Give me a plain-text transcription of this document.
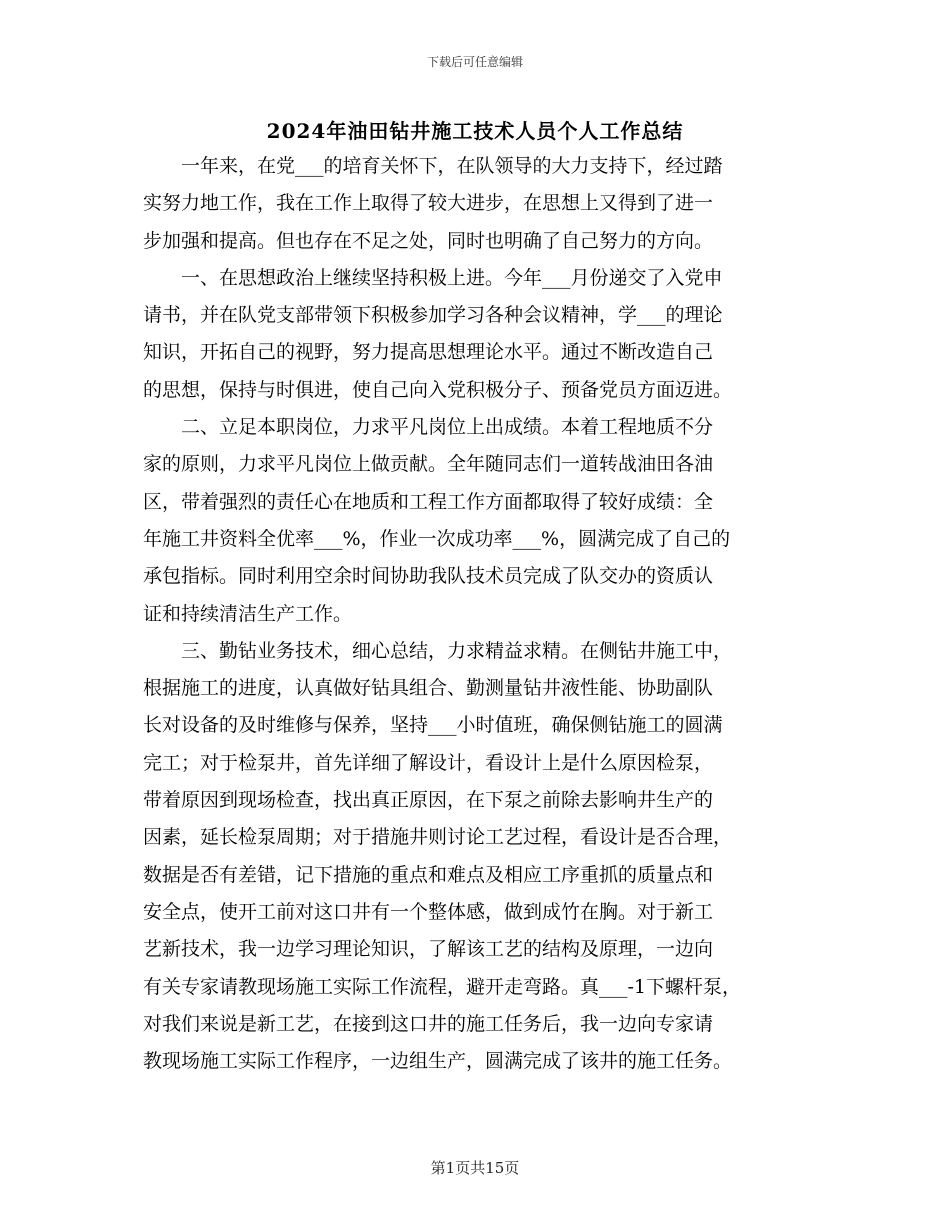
下载后可任意编辑
2024年油田钻井施工技术人员个人工作总结
　　一年来，在党___的培育关怀下，在队领导的大力支持下，经过踏
实努力地工作，我在工作上取得了较大进步，在思想上又得到了进一
步加强和提高。但也存在不足之处，同时也明确了自己努力的方向。
　　一、在思想政治上继续坚持积极上进。今年___月份递交了入党申
请书，并在队党支部带领下积极参加学习各种会议精神，学___的理论
知识，开拓自己的视野，努力提高思想理论水平。通过不断改造自己
的思想，保持与时俱进，使自己向入党积极分子、预备党员方面迈进。
　　二、立足本职岗位，力求平凡岗位上出成绩。本着工程地质不分
家的原则，力求平凡岗位上做贡献。全年随同志们一道转战油田各油
区，带着强烈的责任心在地质和工程工作方面都取得了较好成绩：全
年施工井资料全优率___%，作业一次成功率___%，圆满完成了自己的
承包指标。同时利用空余时间协助我队技术员完成了队交办的资质认
证和持续清洁生产工作。
　　三、勤钻业务技术，细心总结，力求精益求精。在侧钻井施工中，
根据施工的进度，认真做好钻具组合、勤测量钻井液性能、协助副队
长对设备的及时维修与保养，坚持___小时值班，确保侧钻施工的圆满
完工；对于检泵井，首先详细了解设计，看设计上是什么原因检泵，
带着原因到现场检查，找出真正原因，在下泵之前除去影响井生产的
因素，延长检泵周期；对于措施井则讨论工艺过程，看设计是否合理，
数据是否有差错，记下措施的重点和难点及相应工序重抓的质量点和
安全点，使开工前对这口井有一个整体感，做到成竹在胸。对于新工
艺新技术，我一边学习理论知识，了解该工艺的结构及原理，一边向
有关专家请教现场施工实际工作流程，避开走弯路。真___-1下螺杆泵，
对我们来说是新工艺，在接到这口井的施工任务后，我一边向专家请
教现场施工实际工作程序，一边组生产，圆满完成了该井的施工任务。
第1页共15页
